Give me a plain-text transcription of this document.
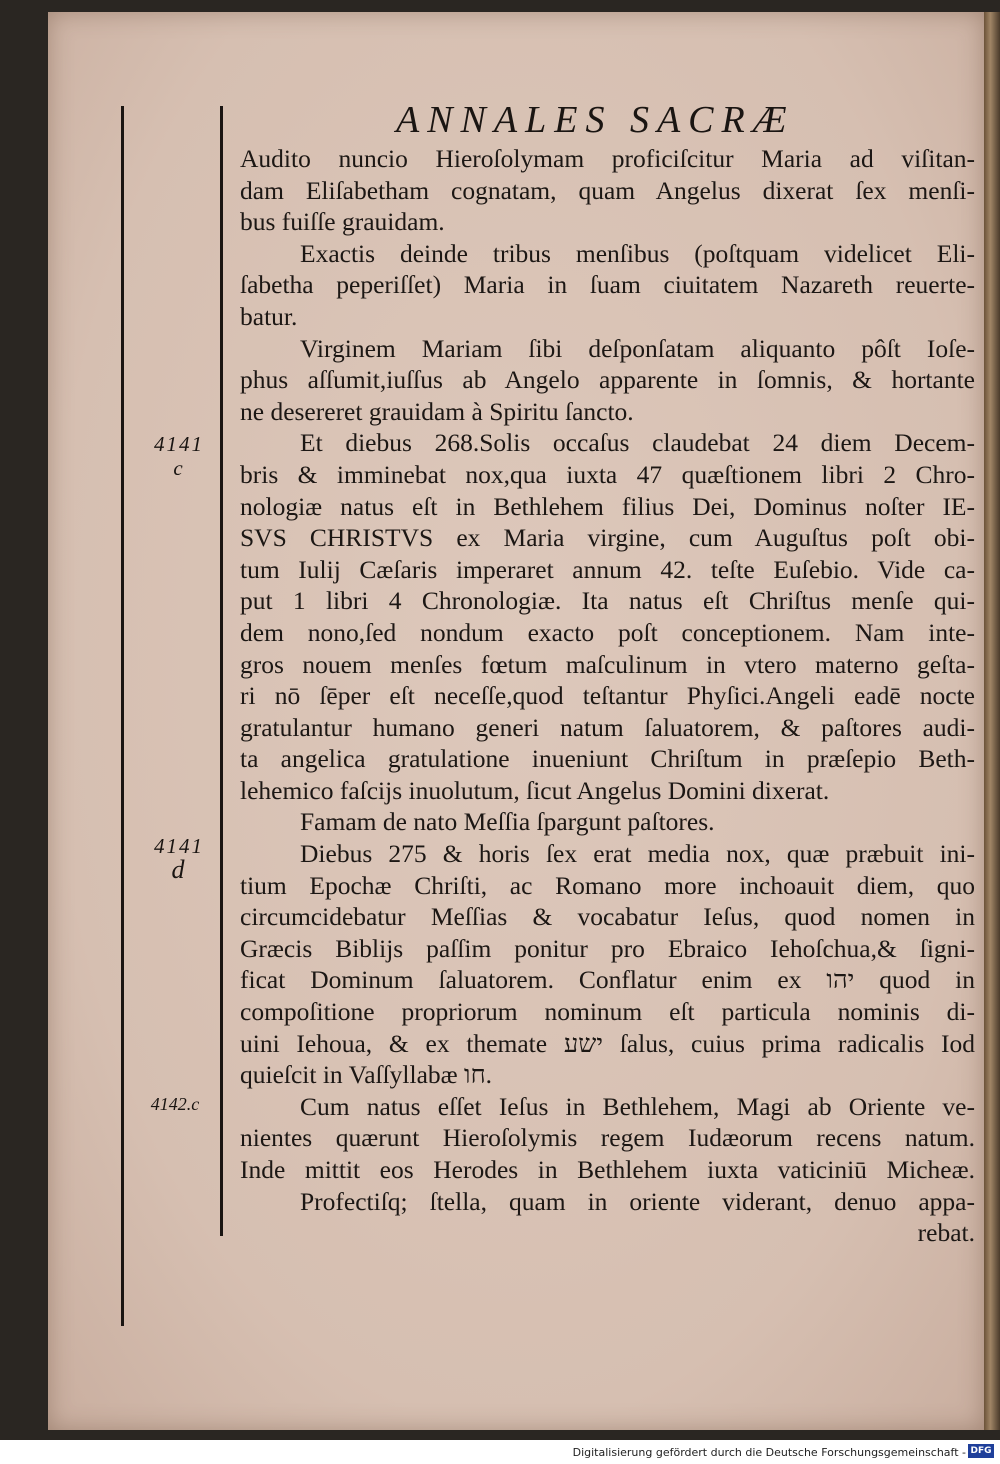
ANNALES SACRÆ
4141
c
4141
d
4142.c
Audito nuncio Hieroſolymam proficiſcitur Maria ad viſitan-
dam Eliſabetham cognatam, quam Angelus dixerat ſex menſi-
bus fuiſſe grauidam.
Exactis deinde tribus menſibus (poſtquam videlicet Eli-
ſabetha peperiſſet) Maria in ſuam ciuitatem Nazareth reuerte-
batur.
Virginem Mariam ſibi deſponſatam aliquanto pôſt Ioſe-
phus aſſumit,iuſſus ab Angelo apparente in ſomnis, & hortante
ne desereret grauidam à Spiritu ſancto.
Et diebus 268.Solis occaſus claudebat 24 diem Decem-
bris & imminebat nox,qua iuxta 47 quæſtionem libri 2 Chro-
nologiæ natus eſt in Bethlehem filius Dei, Dominus noſter IE-
SVS CHRISTVS ex Maria virgine, cum Auguſtus poſt obi-
tum Iulij Cæſaris imperaret annum 42. teſte Euſebio. Vide ca-
put 1 libri 4 Chronologiæ. Ita natus eſt Chriſtus menſe qui-
dem nono,ſed nondum exacto poſt conceptionem. Nam inte-
gros nouem menſes fœtum maſculinum in vtero materno geſta-
ri nō ſēper eſt neceſſe,quod teſtantur Phyſici.Angeli eadē nocte
gratulantur humano generi natum ſaluatorem, & paſtores audi-
ta angelica gratulatione inueniunt Chriſtum in præſepio Beth-
lehemico faſcijs inuolutum, ſicut Angelus Domini dixerat.
Famam de nato Meſſia ſpargunt paſtores.
Diebus 275 & horis ſex erat media nox, quæ præbuit ini-
tium Epochæ Chriſti, ac Romano more inchoauit diem, quo
circumcidebatur Meſſias & vocabatur Ieſus, quod nomen in
Græcis Biblijs paſſim ponitur pro Ebraico Iehoſchua,& ſigni-
ficat Dominum ſaluatorem. Conflatur enim ex יהו quod in
compoſitione propriorum nominum eſt particula nominis di-
uini Iehoua, & ex themate ישע ſalus, cuius prima radicalis Iod
quieſcit in Vaſſyllabæ חו.
Cum natus eſſet Ieſus in Bethlehem, Magi ab Oriente ve-
nientes quærunt Hieroſolymis regem Iudæorum recens natum.
Inde mittit eos Herodes in Bethlehem iuxta vaticiniū Micheæ.
Profectiſq; ſtella, quam in oriente viderant, denuo appa-
rebat.
Digitalisierung gefördert durch die Deutsche Forschungsgemeinschaft - DFG
